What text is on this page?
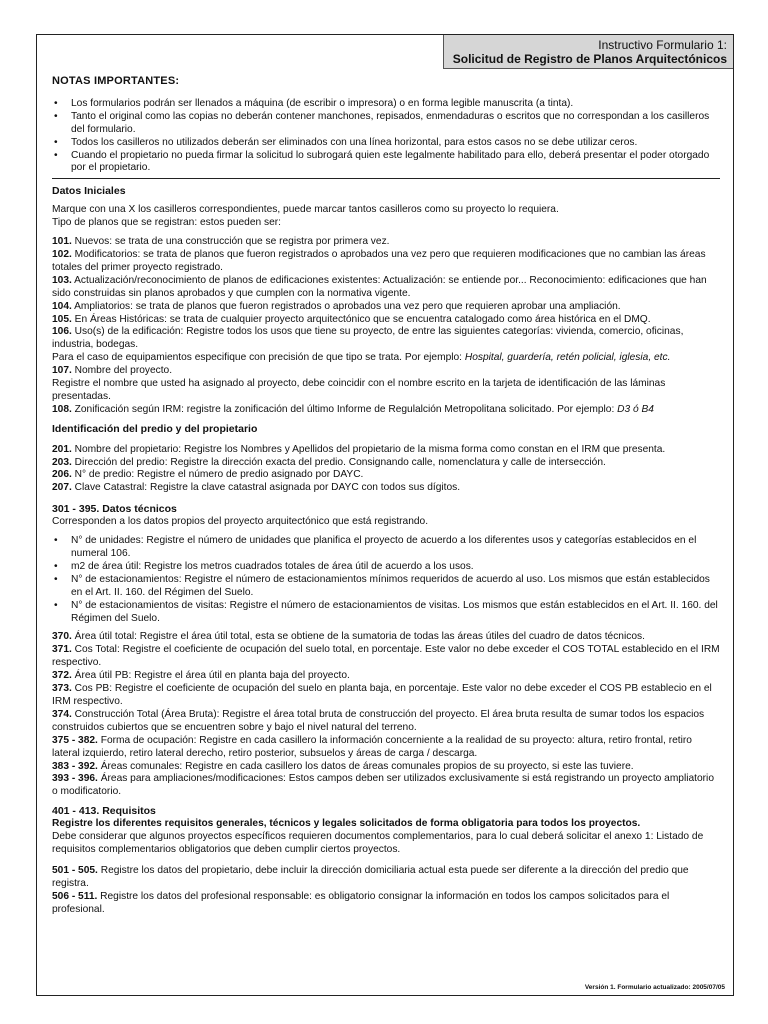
Instructivo Formulario 1:
Solicitud de Registro de Planos Arquitectónicos
NOTAS IMPORTANTES:
• Los formularios podrán ser llenados a máquina (de escribir o impresora) o en forma legible manuscrita (a tinta).
• Tanto el original como las copias no deberán contener manchones, repisados, enmendaduras o escritos que no correspondan a los casilleros del formulario.
• Todos los casilleros no utilizados deberán ser eliminados con una línea horizontal, para estos casos no se debe utilizar ceros.
• Cuando el propietario no pueda firmar la solicitud lo subrogará quien este legalmente habilitado para ello, deberá presentar el poder otorgado por el propietario.

Datos Iniciales

Marque con una X los casilleros correspondientes, puede marcar tantos casilleros como su proyecto lo requiera.

Tipo de planos que se registran: estos pueden ser:

101. Nuevos: se trata de una construcción que se registra por primera vez.

102. Modificatorios: se trata de planos que fueron registrados o aprobados una vez pero que requieren modificaciones que no cambian las áreas totales del primer proyecto registrado.

103. Actualización/reconocimiento de planos de edificaciones existentes: Actualización: se entiende por... Reconocimiento: edificaciones que han sido construidas sin planos aprobados y que cumplen con la normativa vigente.

104. Ampliatorios: se trata de planos que fueron registrados o aprobados una vez pero que requieren aprobar una ampliación.

105. En Áreas Históricas: se trata de cualquier proyecto arquitectónico que se encuentra catalogado como área histórica en el DMQ.

106. Uso(s) de la edificación: Registre todos los usos que tiene su proyecto, de entre las siguientes categorías: vivienda, comercio, oficinas, industria, bodegas.

Para el caso de equipamientos especifique con precisión de que tipo se trata. Por ejemplo: Hospital, guardería, retén policial, iglesia, etc.

107. Nombre del proyecto.

Registre el nombre que usted ha asignado al proyecto, debe coincidir con el nombre escrito en la tarjeta de identificación de las láminas presentadas.

108. Zonificación según IRM: registre la zonificación del último Informe de Regulalción Metropolitana solicitado. Por ejemplo: D3 ó B4

Identificación del predio y del propietario

201. Nombre del propietario: Registre los Nombres y Apellidos del propietario de la misma forma como constan en el IRM que presenta.

203. Dirección del predio: Registre la dirección exacta del predio. Consignando calle, nomenclatura y calle de intersección.

206. N° de predio: Registre el número de predio asignado por DAYC.

207. Clave Catastral: Registre la clave catastral asignada por DAYC con todos sus dígitos.

301 - 395. Datos técnicos

Corresponden a los datos propios del proyecto arquitectónico que está registrando.

• N° de unidades: Registre el número de unidades que planifica el proyecto de acuerdo a los diferentes usos y categorías establecidos en el numeral 106.
• m2 de área útil: Registre los metros cuadrados totales de área útil de acuerdo a los usos.
• N° de estacionamientos: Registre el número de estacionamientos mínimos requeridos de acuerdo al uso. Los mismos que están establecidos en el Art. II. 160. del Régimen del Suelo.
• N° de estacionamientos de visitas: Registre el número de estacionamientos de visitas. Los mismos que están establecidos en el Art. II. 160. del Régimen del Suelo.

370. Área útil total: Registre el área útil total, esta se obtiene de la sumatoria de todas las áreas útiles del cuadro de datos técnicos.

371. Cos Total: Registre el coeficiente de ocupación del suelo total, en porcentaje. Este valor no debe exceder el COS TOTAL establecido en el IRM respectivo.

372. Área útil PB: Registre el área útil en planta baja del proyecto.

373. Cos PB: Registre el coeficiente de ocupación del suelo en planta baja, en porcentaje. Este valor no debe exceder el COS PB establecio en el IRM respectivo.

374. Construcción Total (Área Bruta): Registre el área total bruta de construcción del proyecto. El área bruta resulta de sumar todos los espacios construidos cubiertos que se encuentren sobre y bajo el nivel natural del terreno.

375 - 382. Forma de ocupación: Registre en cada casillero la información concerniente a la realidad de su proyecto: altura, retiro frontal, retiro lateral izquierdo, retiro lateral derecho, retiro posterior, subsuelos y áreas de carga / descarga.

383 - 392. Áreas comunales: Registre en cada casillero los datos de áreas comunales propios de su proyecto, si este las tuviere.

393 - 396. Áreas para ampliaciones/modificaciones: Estos campos deben ser utilizados exclusivamente si está registrando un proyecto ampliatorio o modificatorio.

401 - 413. Requisitos

Registre los diferentes requisitos generales, técnicos y legales solicitados de forma obligatoria para todos los proyectos.

Debe considerar que algunos proyectos específicos requieren documentos complementarios, para lo cual deberá solicitar el anexo 1: Listado de requisitos complementarios obligatorios que deben cumplir ciertos proyectos.

501 - 505. Registre los datos del propietario, debe incluir la dirección domiciliaria actual esta puede ser diferente a la dirección del predio que registra.

506 - 511. Registre los datos del profesional responsable: es obligatorio consignar la información en todos los campos solicitados para el profesional.

Versión 1. Formulario actualizado: 2005/07/05
